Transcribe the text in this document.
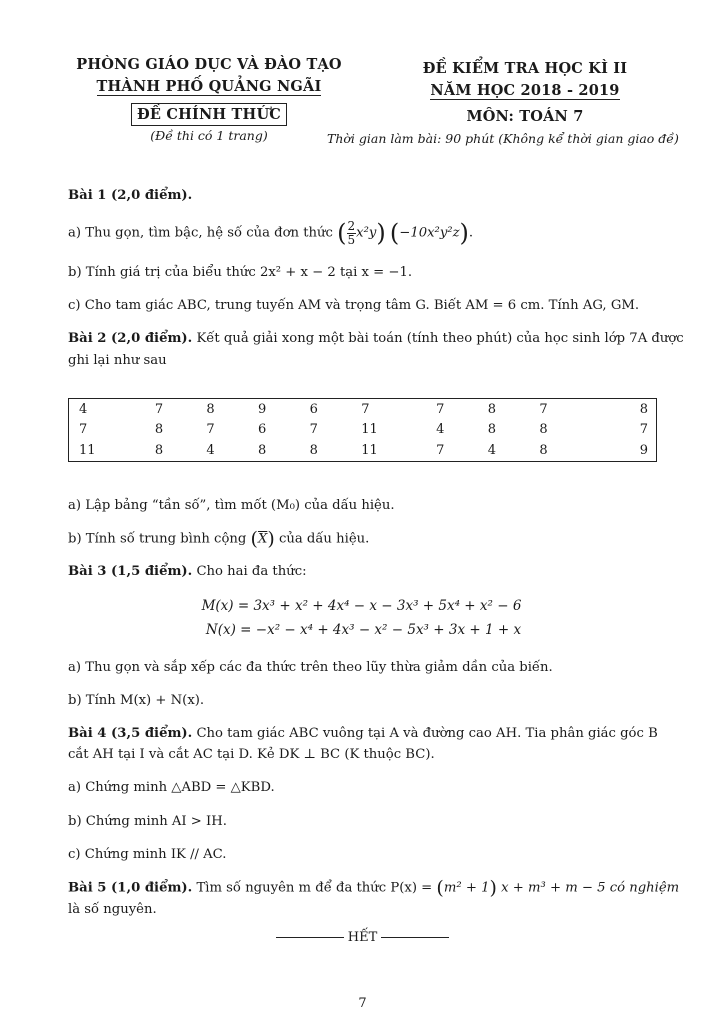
PHÒNG GIÁO DỤC VÀ ĐÀO TẠO
THÀNH PHỐ QUẢNG NGÃI
ĐỀ CHÍNH THỨC
(Đề thi có 1 trang)
ĐỀ KIỂM TRA HỌC KÌ II
NĂM HỌC 2018 - 2019
MÔN: TOÁN 7
Thời gian làm bài: 90 phút (Không kể thời gian giao đề)
Bài 1 (2,0 điểm).
a) Thu gọn, tìm bậc, hệ số của đơn thức ( $\frac{2}{5} x^2y$) (−10x²y²z).
b) Tính giá trị của biểu thức 2x² + x − 2 tại x = −1.
c) Cho tam giác ABC, trung tuyến AM và trọng tâm G. Biết AM = 6 cm. Tính AG, GM.
Bài 2 (2,0 điểm). Kết quả giải xong một bài toán (tính theo phút) của học sinh lớp 7A được
ghi lại như sau
4	7	8	9	6	7	7	8	7	8
7	8	7	6	7	11	4	8	8	7
11	8	4	8	8	11	7	4	8	9
a) Lập bảng “tần số”, tìm mốt (M₀) của dấu hiệu.
b) Tính số trung bình cộng $(\overline{X})$ của dấu hiệu.
Bài 3 (1,5 điểm). Cho hai đa thức:
M(x) = 3x³ + x² + 4x⁴ − x − 3x³ + 5x⁴ + x² − 6
N(x) = −x² − x⁴ + 4x³ − x² − 5x³ + 3x + 1 + x
a) Thu gọn và sắp xếp các đa thức trên theo lũy thừa giảm dần của biến.
b) Tính M(x) + N(x).
Bài 4 (3,5 điểm). Cho tam giác ABC vuông tại A và đường cao AH. Tia phân giác góc B
cắt AH tại I và cắt AC tại D. Kẻ DK ⊥ BC (K thuộc BC).
a) Chứng minh △ABD = △KBD.
b) Chứng minh AI > IH.
c) Chứng minh IK // AC.
Bài 5 (1,0 điểm). Tìm số nguyên m để đa thức P(x) = (m² + 1) x + m³ + m − 5 có nghiệm
là số nguyên.
HẾT
7
